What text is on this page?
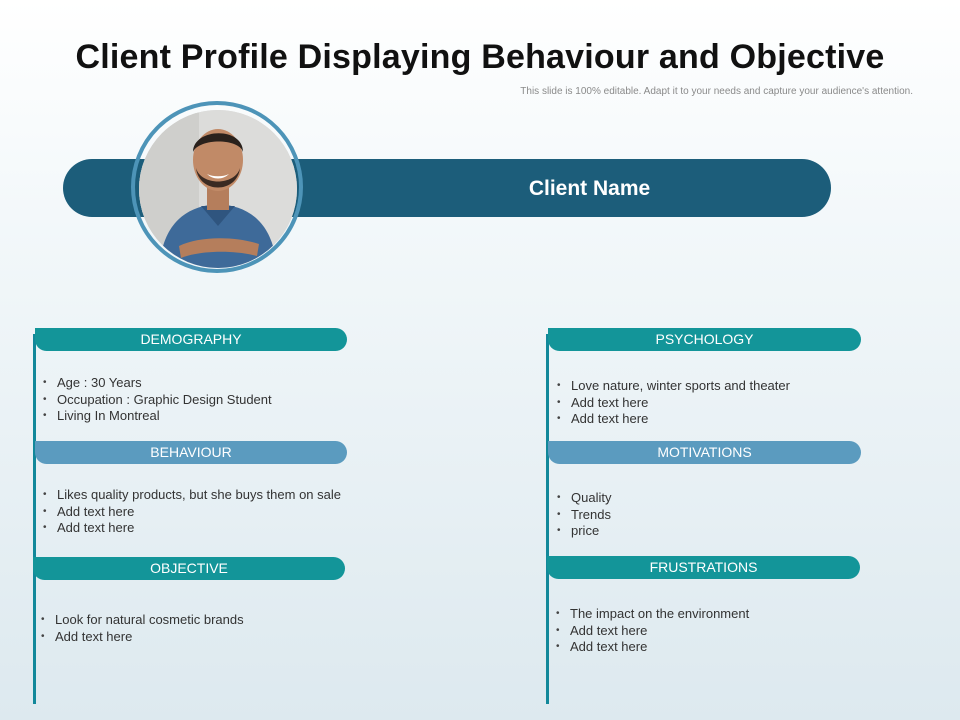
Client Profile Displaying Behaviour and Objective
This slide is 100% editable. Adapt it to your needs and capture your audience's attention.
Client Name
DEMOGRAPHY
• Age : 30 Years
• Occupation : Graphic Design Student
• Living In Montreal
BEHAVIOUR
• Likes quality products, but she buys them on sale
• Add text here
• Add text here
OBJECTIVE
• Look for natural cosmetic brands
• Add text here
PSYCHOLOGY
• Love nature, winter sports and theater
• Add text here
• Add text here
MOTIVATIONS
• Quality
• Trends
• price
FRUSTRATIONS
• The impact on the environment
• Add text here
• Add text here
